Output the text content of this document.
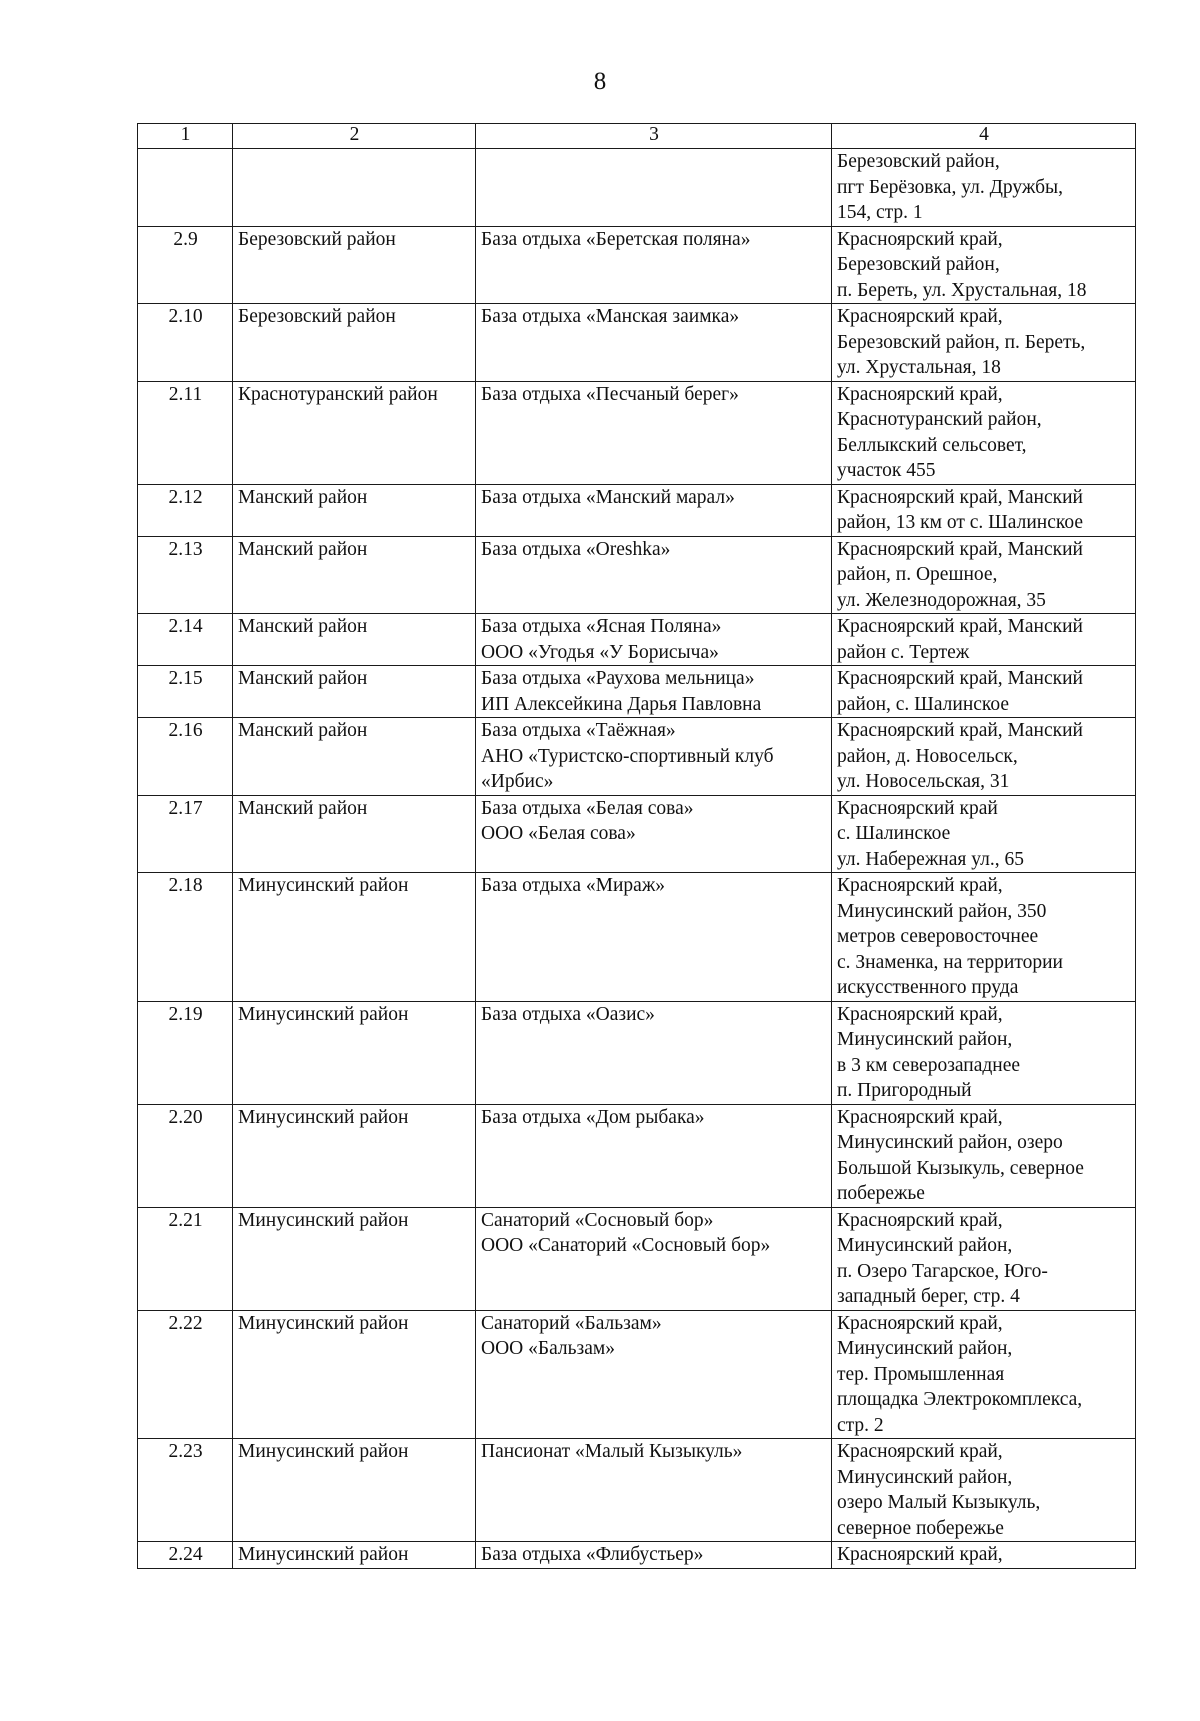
8
1	2	3	4

			Березовский район,
пгт Берёзовка, ул. Дружбы,
154, стр. 1

2.9	Березовский район	База отдыха «Беретская поляна»	Красноярский край,
Березовский район,
п. Береть, ул. Хрустальная, 18

2.10	Березовский район	База отдыха «Манская заимка»	Красноярский край,
Березовский район, п. Береть,
ул. Хрустальная, 18

2.11	Краснотуранский район	База отдыха «Песчаный берег»	Красноярский край,
Краснотуранский район,
Беллыкский сельсовет,
участок 455

2.12	Манский район	База отдыха «Манский марал»	Красноярский край, Манский
район, 13 км от с. Шалинское

2.13	Манский район	База отдыха «Oreshka»	Красноярский край, Манский
район, п. Орешное,
ул. Железнодорожная, 35

2.14	Манский район	База отдыха «Ясная Поляна»
ООО «Угодья «У Борисыча»	Красноярский край, Манский
район с. Тертеж

2.15	Манский район	База отдыха «Раухова мельница»
ИП Алексейкина Дарья Павловна	Красноярский край, Манский
район, с. Шалинское

2.16	Манский район	База отдыха «Таёжная»
АНО «Туристско-спортивный клуб
«Ирбис»	Красноярский край, Манский
район, д. Новосельск,
ул. Новосельская, 31

2.17	Манский район	База отдыха «Белая сова»
ООО «Белая сова»	Красноярский край
с. Шалинское
ул. Набережная ул., 65

2.18	Минусинский район	База отдыха «Мираж»	Красноярский край,
Минусинский район, 350
метров северовосточнее
с. Знаменка, на территории
искусственного пруда

2.19	Минусинский район	База отдыха «Оазис»	Красноярский край,
Минусинский район,
в 3 км северозападнее
п. Пригородный

2.20	Минусинский район	База отдыха «Дом рыбака»	Красноярский край,
Минусинский район, озеро
Большой Кызыкуль, северное
побережье

2.21	Минусинский район	Санаторий «Сосновый бор»
ООО «Санаторий «Сосновый бор»	Красноярский край,
Минусинский район,
п. Озеро Тагарское, Юго-
западный берег, стр. 4

2.22	Минусинский район	Санаторий «Бальзам»
ООО «Бальзам»	Красноярский край,
Минусинский район,
тер. Промышленная
площадка Электрокомплекса,
стр. 2

2.23	Минусинский район	Пансионат «Малый Кызыкуль»	Красноярский край,
Минусинский район,
озеро Малый Кызыкуль,
северное побережье

2.24	Минусинский район	База отдыха «Флибустьер»	Красноярский край,
